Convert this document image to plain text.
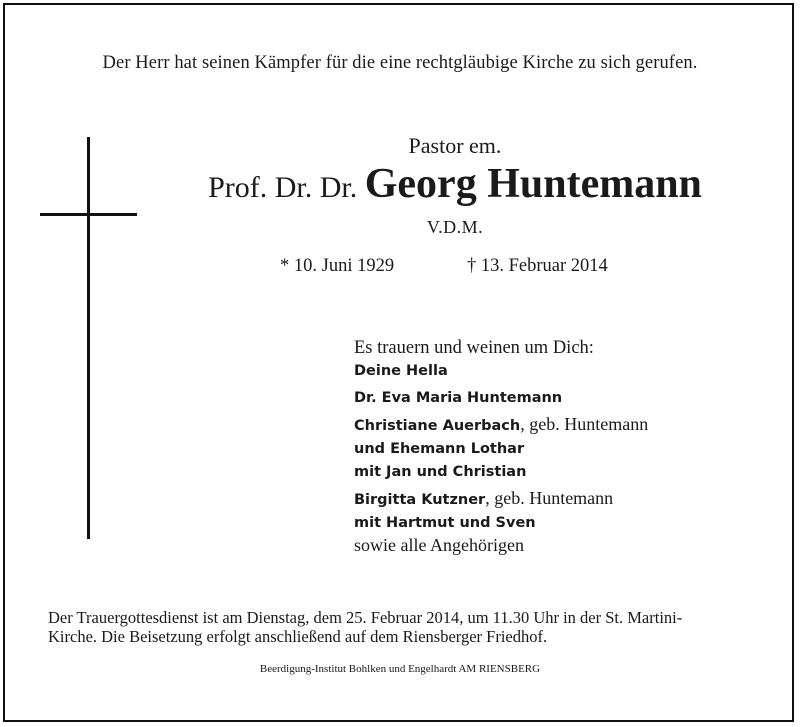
Der Herr hat seinen Kämpfer für die eine rechtgläubige Kirche zu sich gerufen.
Pastor em.
Prof. Dr. Dr. Georg Huntemann
V.D.M.
* 10. Juni 1929	† 13. Februar 2014
Es trauern und weinen um Dich:
Deine Hella
Dr. Eva Maria Huntemann
Christiane Auerbach, geb. Huntemann
und Ehemann Lothar
mit Jan und Christian
Birgitta Kutzner, geb. Huntemann
mit Hartmut und Sven
sowie alle Angehörigen
Der Trauergottesdienst ist am Dienstag, dem 25. Februar 2014, um 11.30 Uhr in der St. Martini-
Kirche. Die Beisetzung erfolgt anschließend auf dem Riensberger Friedhof.
Beerdigung-Institut Bohlken und Engelhardt AM RIENSBERG
